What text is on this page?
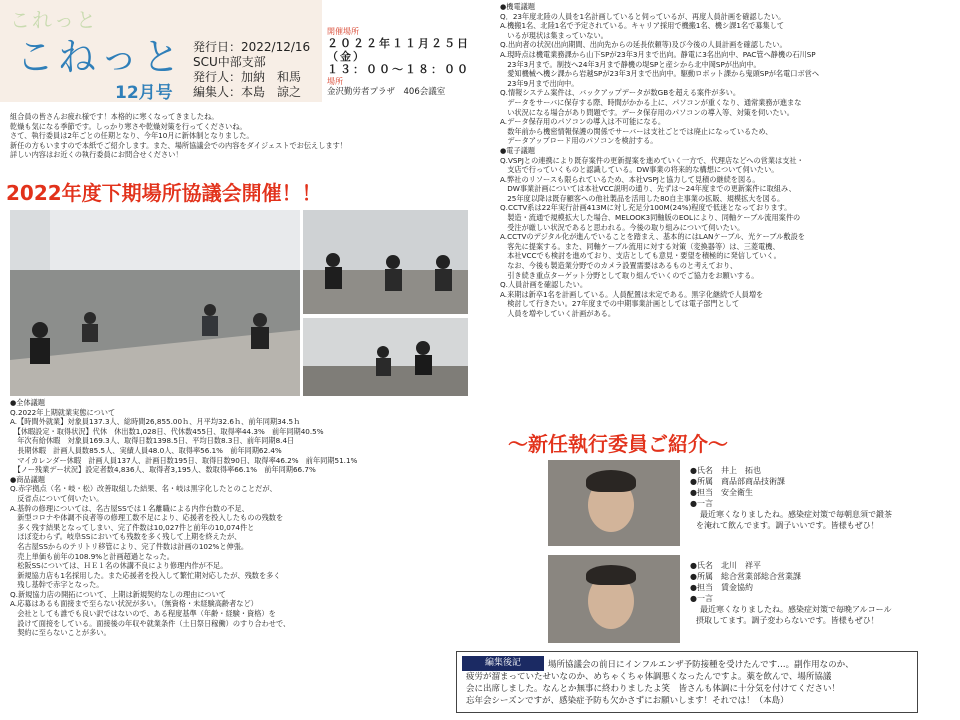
これっと
こねっと
12月号
発行日：2022/12/16
SCU中部支部
発行人：加納　和馬
編集人：本島　諒之
開催場所
２０２２年１１月２５日（金）
１３：００～１８：００
場所
金沢勤労者プラザ　406会議室
組合員の皆さんお疲れ様です！本格的に寒くなってきましたね。
乾燥も気になる季節です。しっかり寒さや乾燥対策を行ってくださいね。
さて、執行委員は2年ごとの任期となり、今年10月に新体制となりました。
新任の方もいますので本紙でご紹介します。また、場所協議会での内容をダイジェストでお伝えします！
詳しい内容はお近くの執行委員にお問合せください！
2022年度下期場所協議会開催！！
●全体議題
Q.2022年上期就業実態について
A.【時間外就業】対象員137.3人、総時間26,855.00ｈ、月平均32.6ｈ、前年同期34.5ｈ
　【休暇設定・取得状況】代休　休出数1,028日、代休数455日、取得率44.3%　前年同期40.5%
　年次有給休暇　対象員169.3人、取得日数1398.5日、平均日数8.3日、前年同期8.4日
　長期休暇　計画人員数85.5人、実績人員48.0人、取得率56.1%　前年同期62.4%
　マイカレンダー休暇　計画人員137人、計画日数195日、取得日数90日、取得率46.2%　前年同期51.1%
　【ノー残業デー状況】設定者数4,836人、取得者3,195人、数取得率66.1%　前年同期66.7%
●商品議題
Q.赤字拠点（名・岐・松）改善取組した結果、名・岐は黒字化したとのことだが、
　反省点について伺いたい。
A.基幹の修理については、名古屋SSでは１名離職による内作台数の不足、
　新型コロナや体調不良者等の修理工数不足により、応援者を投入したものの残数を
　多く残す結果となってしまい、完了件数は10,027件と前年の10,074件と
　ほぼ変わらず。岐阜SSにおいても残数を多く残して上期を終えたが、
　名古屋SSからのテリトリ移管により、完了件数は計画の102%と伸張。
　売上単価も前年の108.9%と計画超過となった。
　松阪SSについては、ＨＥ１名の休講不良により修理内作が不足。
　新規協力店も1名採用した。また応援者を投入して繁忙期対応したが、残数を多く
　残し基幹で赤字となった。
Q.新規協力店の開拓について、上期は新規契約なしの理由について
A.応募はあるも面接まで至らない状況が多い。（無資格・未経験高齢者など）
　会社としても誰でも良い訳ではないので、ある程度基準（年齢・経験・資格）を
　設けて面接をしている。面接後の年収や就業条件（土日祭日稼働）のすり合わせで、
　契約に至らないことが多い。
●機電議題
Q．23年度北陸の人員を1名計画していると伺っているが、再度人員計画を確認したい。
A.機搬1名、北陸1名で予定されている。キャリア採用で機搬1名、機シ課1名で募集して
　いるが現状は集まっていない。
Q.出向者の状況(出向期間、出向先からの延長依頼等)及び今後の人員計画を確認したい。
A.現時点は機電業務課から山下SPが23年3月まで出向。静電に3名出向中、PAC管へ静機の石川SP
　23年3月まで。制技へ24年3月まで静機の堤SPと産シから北中岡SPが出向中。
　愛知機械へ機シ課から岩越SPが23年3月まで出向中。駆動ロボット課から鬼頭SPが名電口ボ営へ
　23年9月まで出向中。
Q.情報システム案件は、バックアップデータが数GBを超える案件が多い。
　データをサーバに保存する際、時間がかかる上に、パソコンが重くなり、通常業務が進まな
　い状況になる場合があり問題です。データ保存用のパソコンの導入等、対策を伺いたい。
A.データ保存用のパソコンの導入は不可能になる。
　数年前から機密情報保護の関係でサーバーは支社ごとでは廃止になっているため、
　データアップロード用のパソコンを検討する。
●電子議題
Q.VSPJとの連携により既存案件の更新提案を進めていく一方で、代理店などへの営業は支社・
　支店で行っていくものと認識している。DW事業の将来的な構想について伺いたい。
A.弊社のリソースも限られているため、本社VSPJと協力して見積の継続を図る。
　DW事業計画については本社VCC説明の通り、先ずは～24年度までの更新案件に取組み、
　25年度以降は既存顧客への他社製品を活用した80自主事業の拡販、規模拡大を図る。
Q.CCTV系は22年実行計画413Mに対し充足分100M(24%)程度で低迷となっております。
　製造・流通で規模拡大した場合、MELOOK3同軸版のEOLにより、同軸ケーブル流用案件の
　受注が厳しい状況であると思われる。今後の取り組みについて伺いたい。
A.CCTVのデジタル化が進んでいることを踏まえ、基本的にはLANケーブル、光ケーブル敷設を
　客先に提案する。また、同軸ケーブル流用に対する対策（変換器等）は、三菱電機、
　本社VCCでも検討を進めており、支店としても意見・要望を積極的に発信していく。
　なお、今後も製造業分野でのカメラ設置需要はあるものと考えており、
　引き続き重点ターゲット分野として取り組んでいくのでご協力をお願いする。
Q.人員計画を確認したい。
A.来期は新卒1名を計画している。人員配置は未定である。黒字化継続で人員増を
　検討して行きたい。27年度までの中期事業計画としては電子部門として
　人員を増やしていく計画がある。
～新任執行委員ご紹介～
●氏名　井上　拓也
●所属　商品部商品技術課
●担当　安全衛生
●一言
最近寒くなりましたね。感染症対策で毎朝息須で鍛茶
を淹れて飲んでます。調子いいです。皆様もぜひ！
●氏名　北川　祥平
●所属　総合営業部総合営業課
●担当　賃金協約
●一言
最近寒くなりましたね。感染症対策で毎晩アルコール
摂取してます。調子変わらないです。皆様もぜひ！
編集後記	場所協議会の前日にインフルエンザ予防接種を受けたんです…。副作用なのか、
疲労が溜まっていたせいなのか、めちゃくちゃ体調悪くなったんですよ。薬を飲んで、場所協議
会に出席しました。なんとか無事に終わりましたよ笑　皆さんも体調に十分気を付けてください！
忘年会シーズンですが、感染症予防も欠かさずにお願いします！それでは！（本島）
